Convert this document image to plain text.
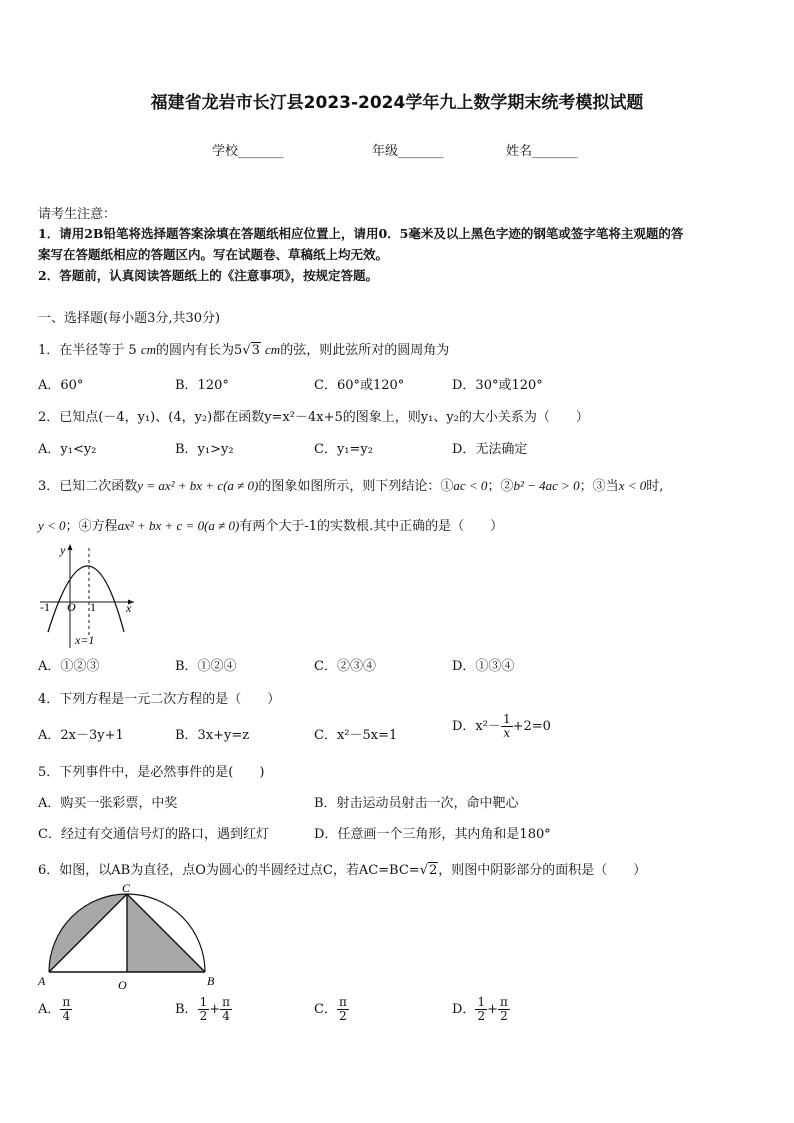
福建省龙岩市长汀县2023-2024学年九上数学期末统考模拟试题
学校_______	年级_______	姓名_______
请考生注意：
1．请用2B铅笔将选择题答案涂填在答题纸相应位置上，请用0．5毫米及以上黑色字迹的钢笔或签字笔将主观题的答
案写在答题纸相应的答题区内。写在试题卷、草稿纸上均无效。
2．答题前，认真阅读答题纸上的《注意事项》，按规定答题。
一、选择题(每小题3分,共30分)
1．在半径等于 5 cm的圆内有长为5√3 cm的弦，则此弦所对的圆周角为
A．60°	B．120°	C．60°或120°	D．30°或120°
2．已知点(－4，y₁)、(4，y₂)都在函数y=x²－4x+5的图象上，则y₁、y₂的大小关系为（　　）
A．y₁<y₂	B．y₁>y₂	C．y₁=y₂	D．无法确定
3．已知二次函数y = ax² + bx + c(a ≠ 0)的图象如图所示，则下列结论：①ac < 0；②b² − 4ac > 0；③当x < 0时,
y < 0；④方程ax² + bx + c = 0(a ≠ 0)有两个大于-1的实数根.其中正确的是（　　）
y
x
O
-1	1
x=1
A．①②③	B．①②④	C．②③④	D．①③④
4．下列方程是一元二次方程的是（　　）
A．2x－3y+1	B．3x+y=z	C．x²－5x=1
D．$x^2- \frac{1}{x} +2=0$
5．下列事件中，是必然事件的是(　　)
A．购买一张彩票，中奖	B．射击运动员射击一次，命中靶心
C．经过有交通信号灯的路口，遇到红灯	D．任意画一个三角形，其内角和是180°
6．如图，以AB为直径，点O为圆心的半圆经过点C，若AC=BC=√2，则图中阴影部分的面积是（　　）
C
A	O	B
A． $\frac{\pi}{4}$	B． $\frac{1}{2} + \frac{\pi}{4}$	C． $\frac{\pi}{2}$	D． $\frac{1}{2} + \frac{\pi}{2}$
